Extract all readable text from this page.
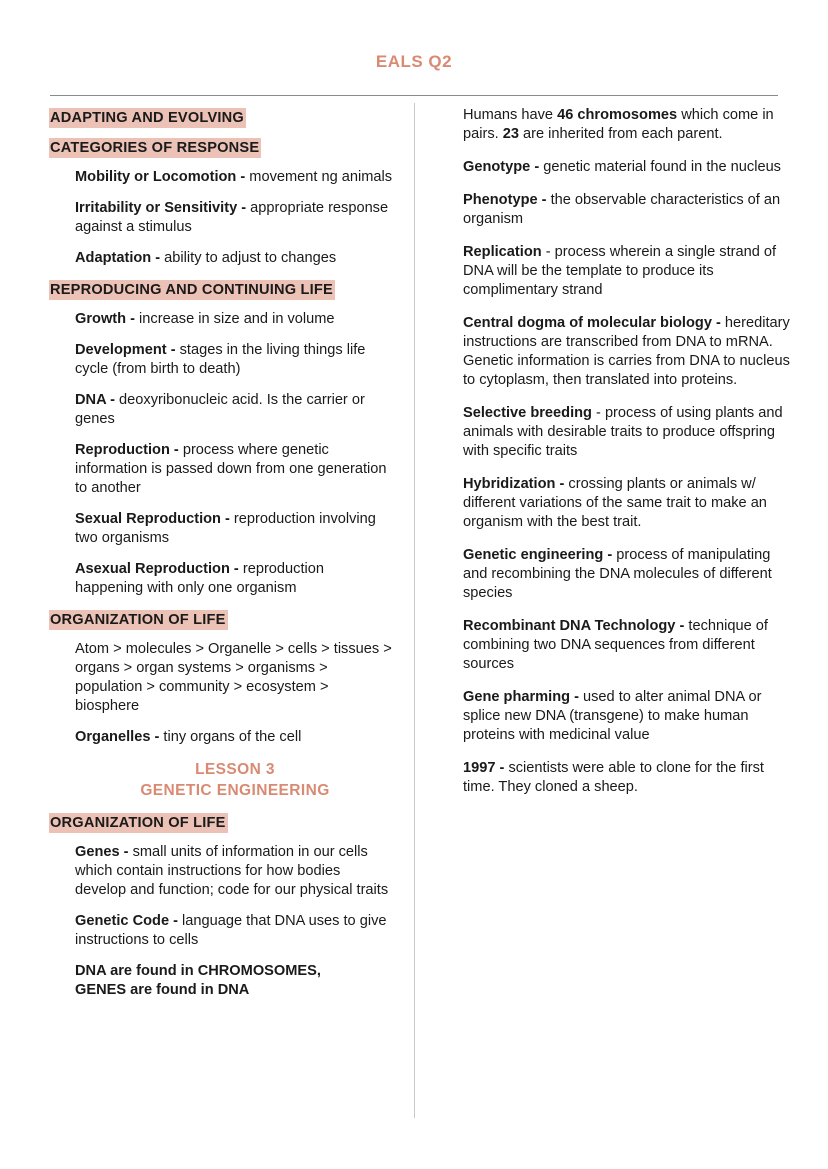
EALS Q2
ADAPTING AND EVOLVING
CATEGORIES OF RESPONSE

Mobility or Locomotion - movement ng animals

Irritability or Sensitivity - appropriate response against a stimulus

Adaptation - ability to adjust to changes

REPRODUCING AND CONTINUING LIFE

Growth - increase in size and in volume

Development - stages in the living things life cycle (from birth to death)

DNA - deoxyribonucleic acid. Is the carrier or genes

Reproduction - process where genetic information is passed down from one generation to another

Sexual Reproduction - reproduction involving two organisms

Asexual Reproduction - reproduction happening with only one organism

ORGANIZATION OF LIFE

Atom > molecules > Organelle > cells > tissues > organs > organ systems > organisms > population > community > ecosystem > biosphere

Organelles - tiny organs of the cell

LESSON 3
GENETIC ENGINEERING
ORGANIZATION OF LIFE

Genes - small units of information in our cells which contain instructions for how bodies develop and function; code for our physical traits

Genetic Code - language that DNA uses to give instructions to cells

DNA are found in CHROMOSOMES,
GENES are found in DNA

Humans have 46 chromosomes which come in pairs. 23 are inherited from each parent.

Genotype - genetic material found in the nucleus

Phenotype - the observable characteristics of an organism

Replication - process wherein a single strand of DNA will be the template to produce its complimentary strand

Central dogma of molecular biology - hereditary instructions are transcribed from DNA to mRNA. Genetic information is carries from DNA to nucleus to cytoplasm, then translated into proteins.

Selective breeding - process of using plants and animals with desirable traits to produce offspring with specific traits

Hybridization - crossing plants or animals w/ different variations of the same trait to make an organism with the best trait.

Genetic engineering - process of manipulating and recombining the DNA molecules of different species

Recombinant DNA Technology - technique of combining two DNA sequences from different sources

Gene pharming - used to alter animal DNA or splice new DNA (transgene) to make human proteins with medicinal value

1997 - scientists were able to clone for the first time. They cloned a sheep.
